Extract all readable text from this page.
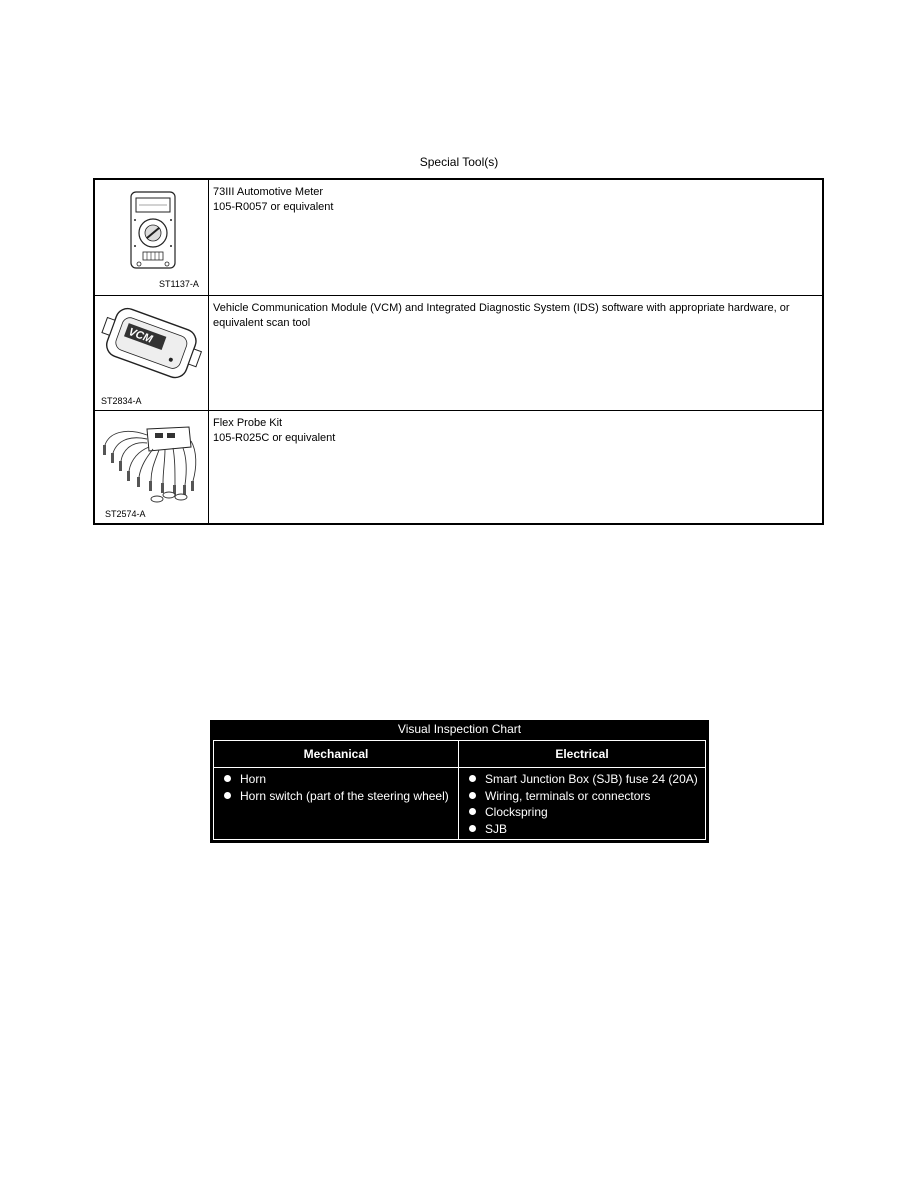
Special Tool(s)
ST1137-A
73III Automotive Meter
105-R0057 or equivalent
VCM
ST2834-A
Vehicle Communication Module (VCM) and Integrated Diagnostic System (IDS) software with appropriate hardware, or equivalent scan tool
ST2574-A
Flex Probe Kit
105-R025C or equivalent
Visual Inspection Chart
Mechanical
Horn
Horn switch (part of the steering wheel)
Electrical
Smart Junction Box (SJB) fuse 24 (20A)
Wiring, terminals or connectors
Clockspring
SJB
